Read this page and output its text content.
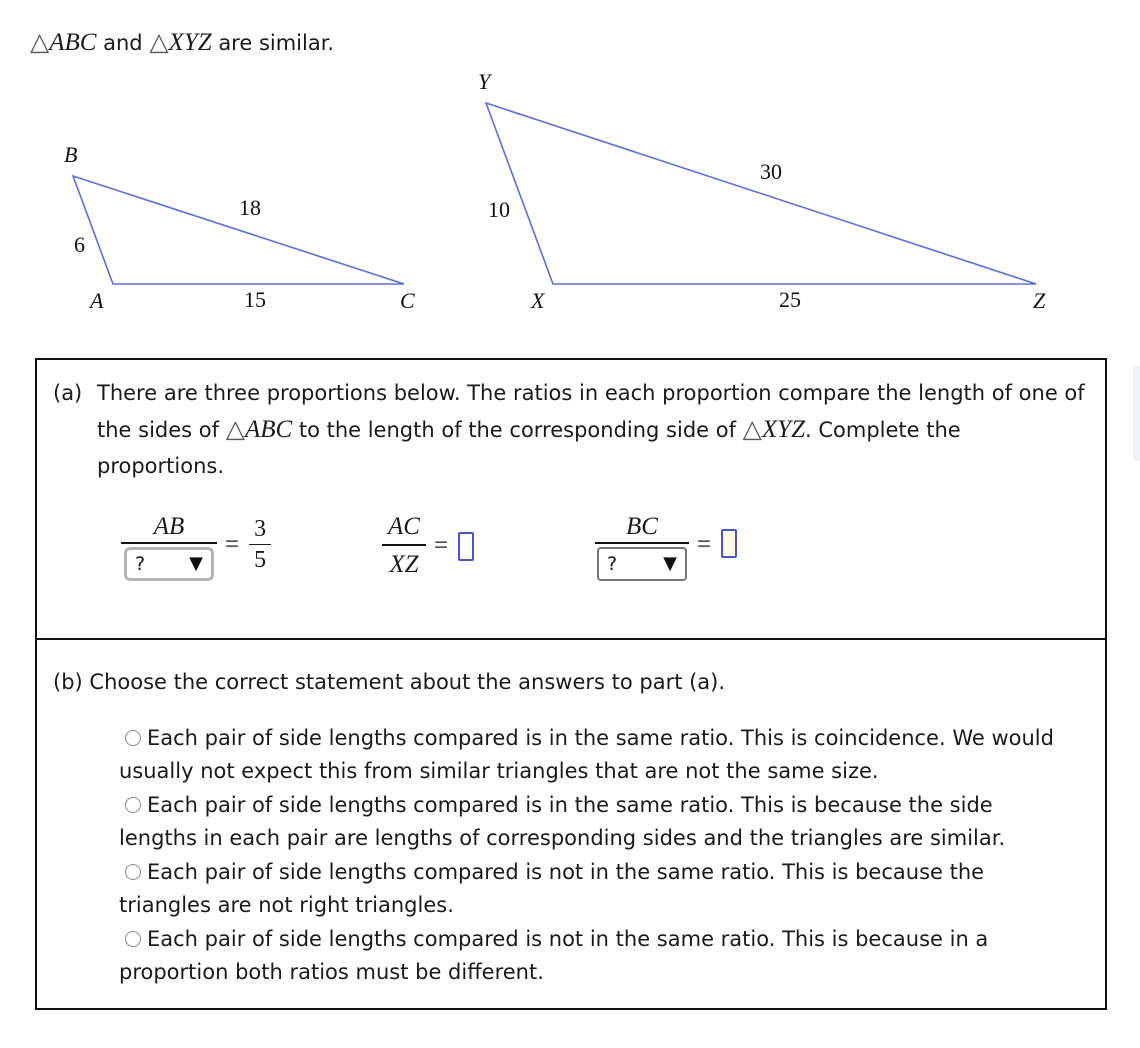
△ABC and △XYZ are similar.
B
A	C
6
18
15
Y
X	Z
10
30
25
(a) There are three proportions below. The ratios in each proportion compare the length of one of the sides of △ABC to the length of the corresponding side of △XYZ. Complete the proportions.
AB
? ▼
= $\frac{3}{5}$	$\frac{AC}{XZ}$ =
BC
?	▼
=
(b) Choose the correct statement about the answers to part (a).
Each pair of side lengths compared is in the same ratio. This is coincidence. We would usually not expect this from similar triangles that are not the same size.
Each pair of side lengths compared is in the same ratio. This is because the side lengths in each pair are lengths of corresponding sides and the triangles are similar.
Each pair of side lengths compared is not in the same ratio. This is because the triangles are not right triangles.
Each pair of side lengths compared is not in the same ratio. This is because in a proportion both ratios must be different.
